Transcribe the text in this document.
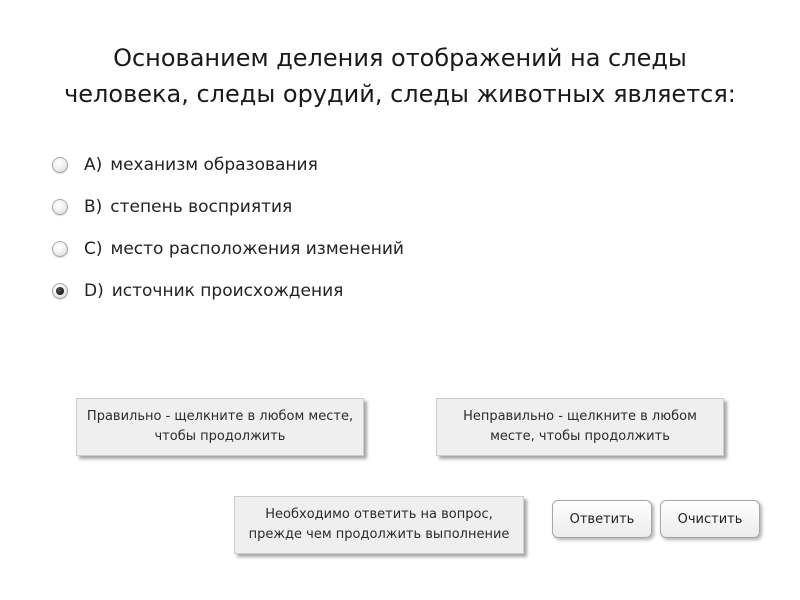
Основанием деления отображений на следы
человека, следы орудий, следы животных является:
A) механизм образования
B) степень восприятия
C) место расположения изменений
D) источник происхождения
Правильно - щелкните в любом месте,
чтобы продолжить
Неправильно - щелкните в любом
месте, чтобы продолжить
Необходимо ответить на вопрос,
прежде чем продолжить выполнение
Ответить	Очистить
